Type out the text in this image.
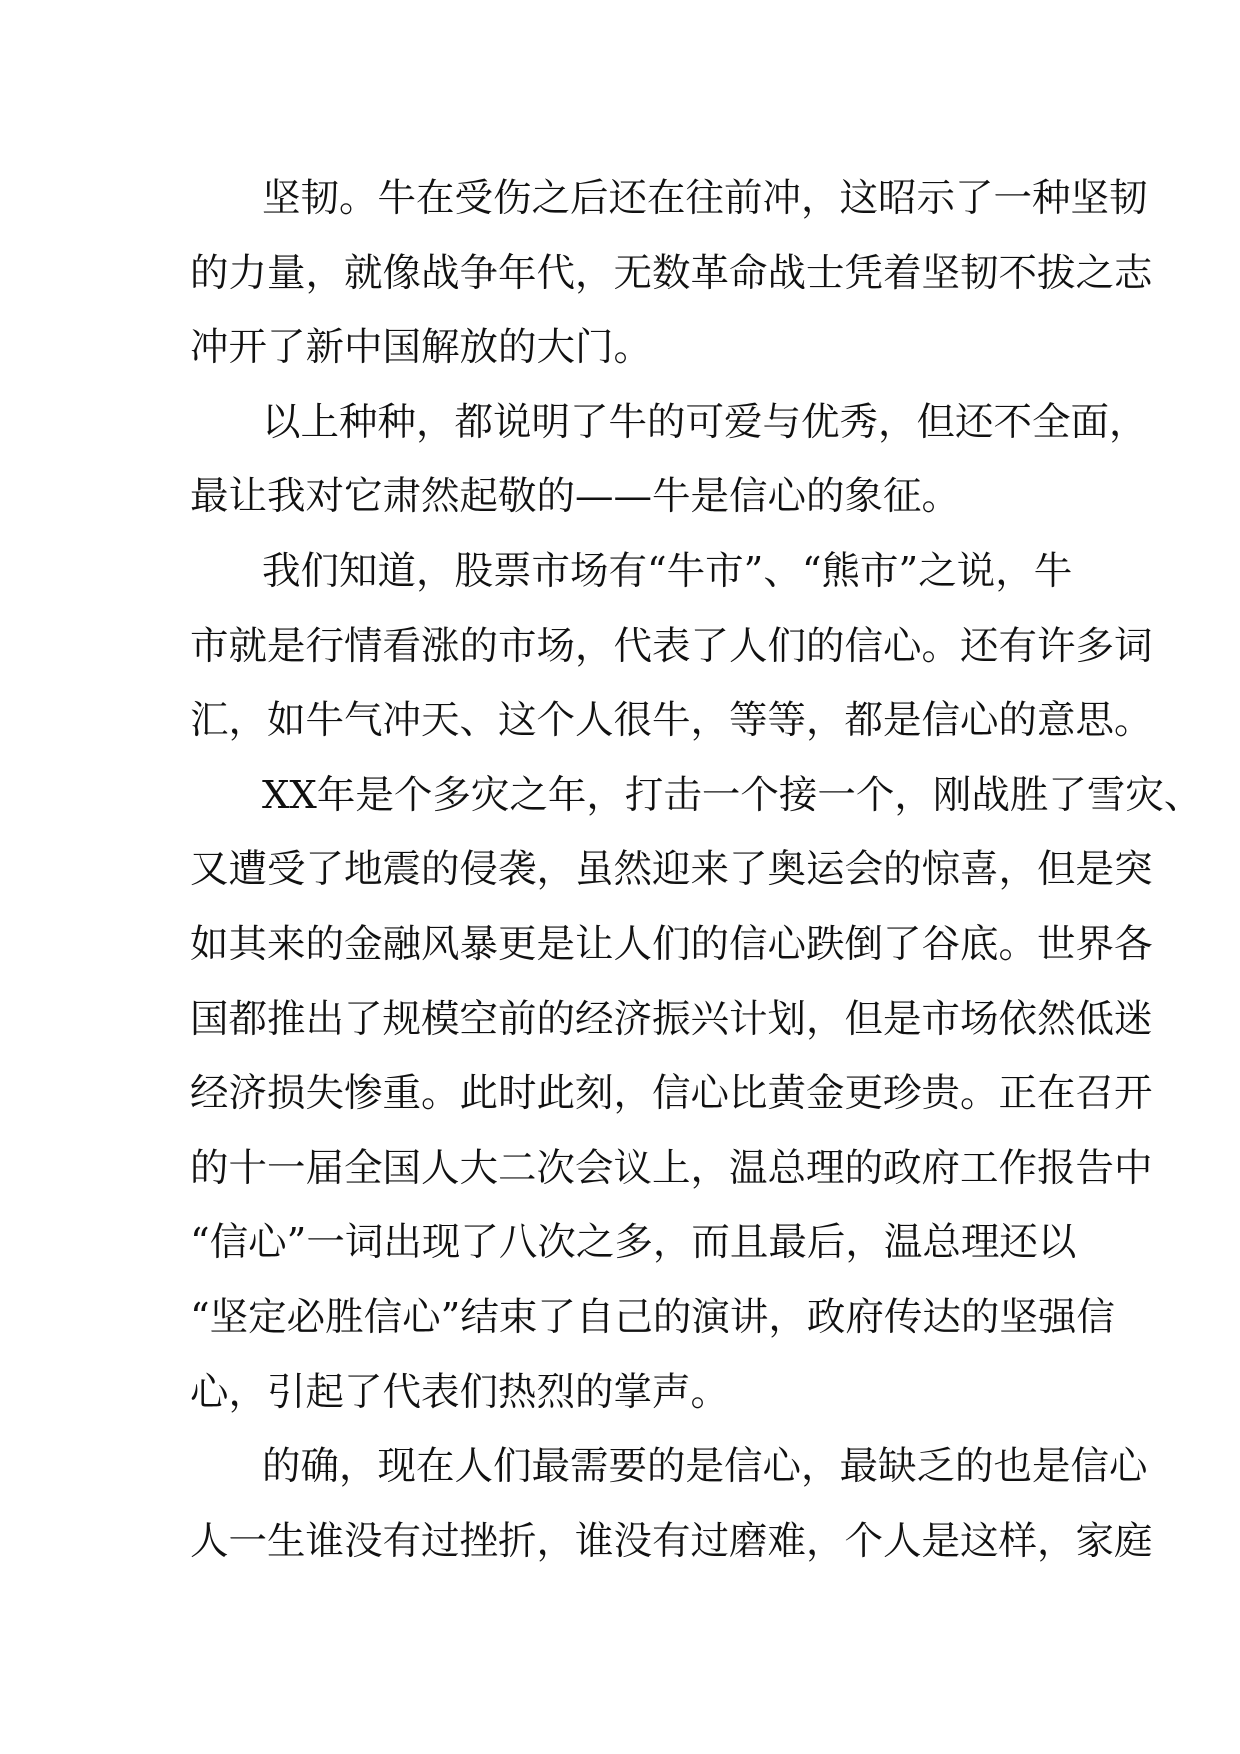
坚韧。牛在受伤之后还在往前冲，这昭示了一种坚韧
的力量，就像战争年代，无数革命战士凭着坚韧不拔之志
冲开了新中国解放的大门。
以上种种，都说明了牛的可爱与优秀，但还不全面，
最让我对它肃然起敬的——牛是信心的象征。
我们知道，股票市场有“牛市”、“熊市”之说，牛
市就是行情看涨的市场，代表了人们的信心。还有许多词
汇，如牛气冲天、这个人很牛，等等，都是信心的意思。
XX年是个多灾之年，打击一个接一个，刚战胜了雪灾、
又遭受了地震的侵袭，虽然迎来了奥运会的惊喜，但是突
如其来的金融风暴更是让人们的信心跌倒了谷底。世界各
国都推出了规模空前的经济振兴计划，但是市场依然低迷
经济损失惨重。此时此刻，信心比黄金更珍贵。正在召开
的十一届全国人大二次会议上，温总理的政府工作报告中
“信心”一词出现了八次之多，而且最后，温总理还以
“坚定必胜信心”结束了自己的演讲，政府传达的坚强信
心，引起了代表们热烈的掌声。
的确，现在人们最需要的是信心，最缺乏的也是信心
人一生谁没有过挫折，谁没有过磨难，个人是这样，家庭
